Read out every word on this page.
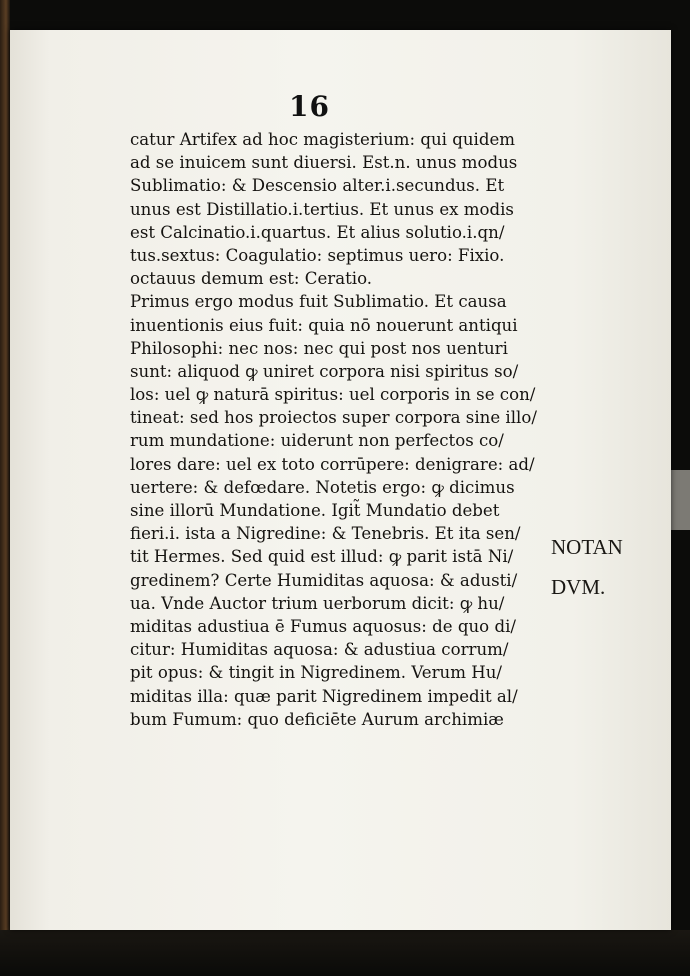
16
catur Artifex ad hoc magisterium: qui quidem
ad se inuicem sunt diuersi. Est.n. unus modus
Sublimatio: & Descensio alter.i.secundus. Et
unus est Distillatio.i.tertius. Et unus ex modis
est Calcinatio.i.quartus. Et alius solutio.i.qn/
tus.sextus: Coagulatio: septimus uero: Fixio.
octauus demum est: Ceratio.
Primus ergo modus fuit Sublimatio. Et causa
inuentionis eius fuit: quia nō nouerunt antiqui
Philosophi: nec nos: nec qui post nos uenturi
sunt: aliquod ꝙ uniret corpora nisi spiritus so/
los: uel ꝙ naturā spiritus: uel corporis in se con/
tineat: sed hos proiectos super corpora sine illo/
rum mundatione: uiderunt non perfectos co/
lores dare: uel ex toto corrūpere: denigrare: ad/
uertere: & defœdare. Notetis ergo: ꝙ dicimus
sine illorū Mundatione. Igit̃ Mundatio debet
fieri.i. ista a Nigredine: & Tenebris. Et ita sen/
tit Hermes. Sed quid est illud: ꝙ parit istā Ni/
gredinem? Certe Humiditas aquosa: & adusti/
ua. Vnde Auctor trium uerborum dicit: ꝙ hu/
miditas adustiua ē Fumus aquosus: de quo di/
citur: Humiditas aquosa: & adustiua corrum/
pit opus: & tingit in Nigredinem. Verum Hu/
miditas illa: quæ parit Nigredinem impedit al/
bum Fumum: quo deficiēte Aurum archimiæ
NOTAN
DVM.
